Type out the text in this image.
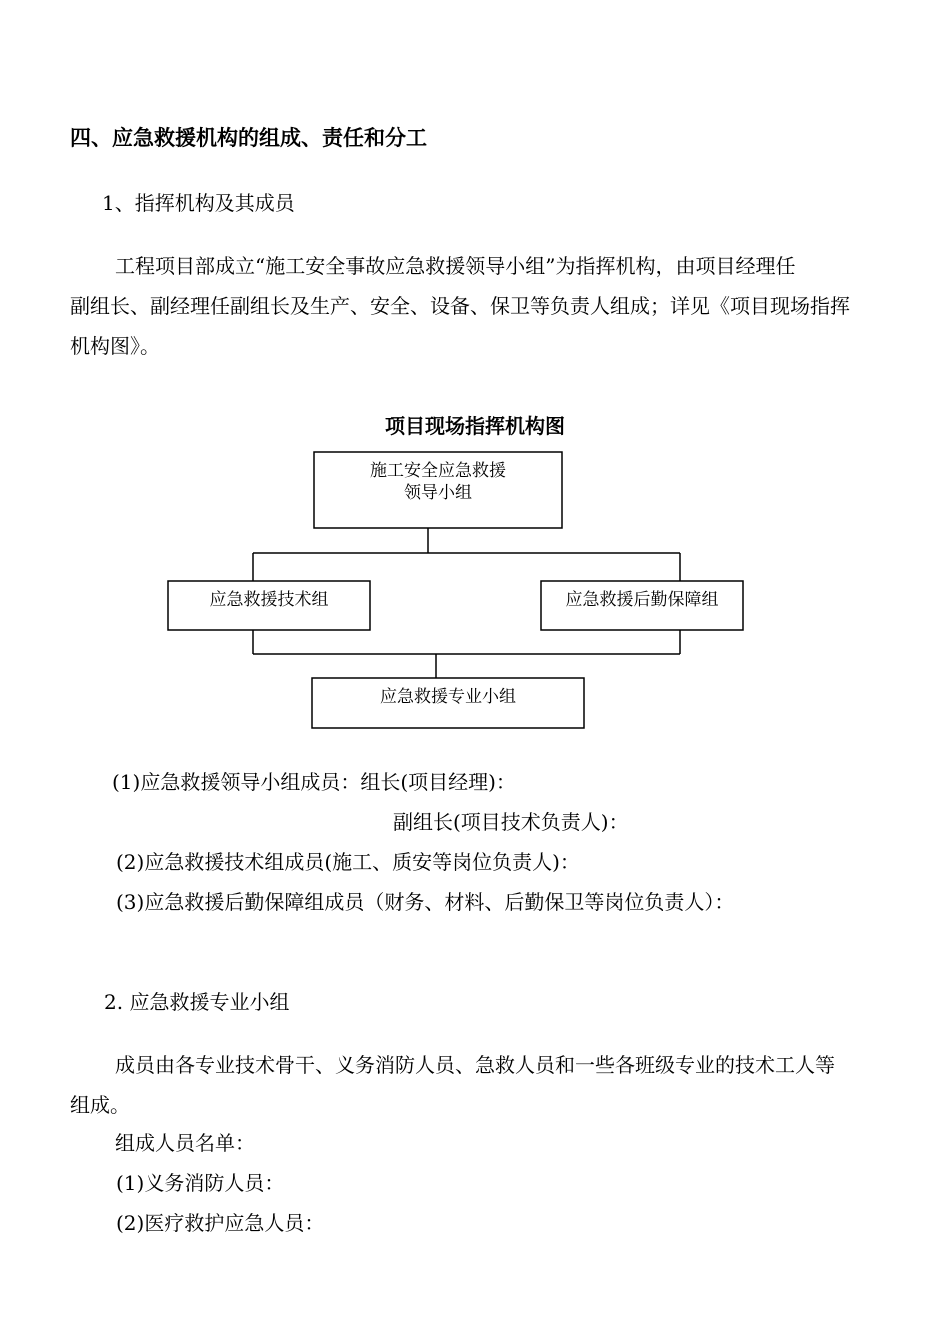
四、应急救援机构的组成、责任和分工
1、指挥机构及其成员
工程项目部成立“施工安全事故应急救援领导小组”为指挥机构，由项目经理任
副组长、副经理任副组长及生产、安全、设备、保卫等负责人组成；详见《项目现场指挥
机构图》。
项目现场指挥机构图
施工安全应急救援
领导小组
应急救援技术组	应急救援后勤保障组
应急救援专业小组
(1)应急救援领导小组成员：组长(项目经理)：
副组长(项目技术负责人)：
(2)应急救援技术组成员(施工、质安等岗位负责人)：
(3)应急救援后勤保障组成员（财务、材料、后勤保卫等岗位负责人）：
2. 应急救援专业小组
成员由各专业技术骨干、义务消防人员、急救人员和一些各班级专业的技术工人等
组成。
组成人员名单：
(1)义务消防人员：
(2)医疗救护应急人员：
